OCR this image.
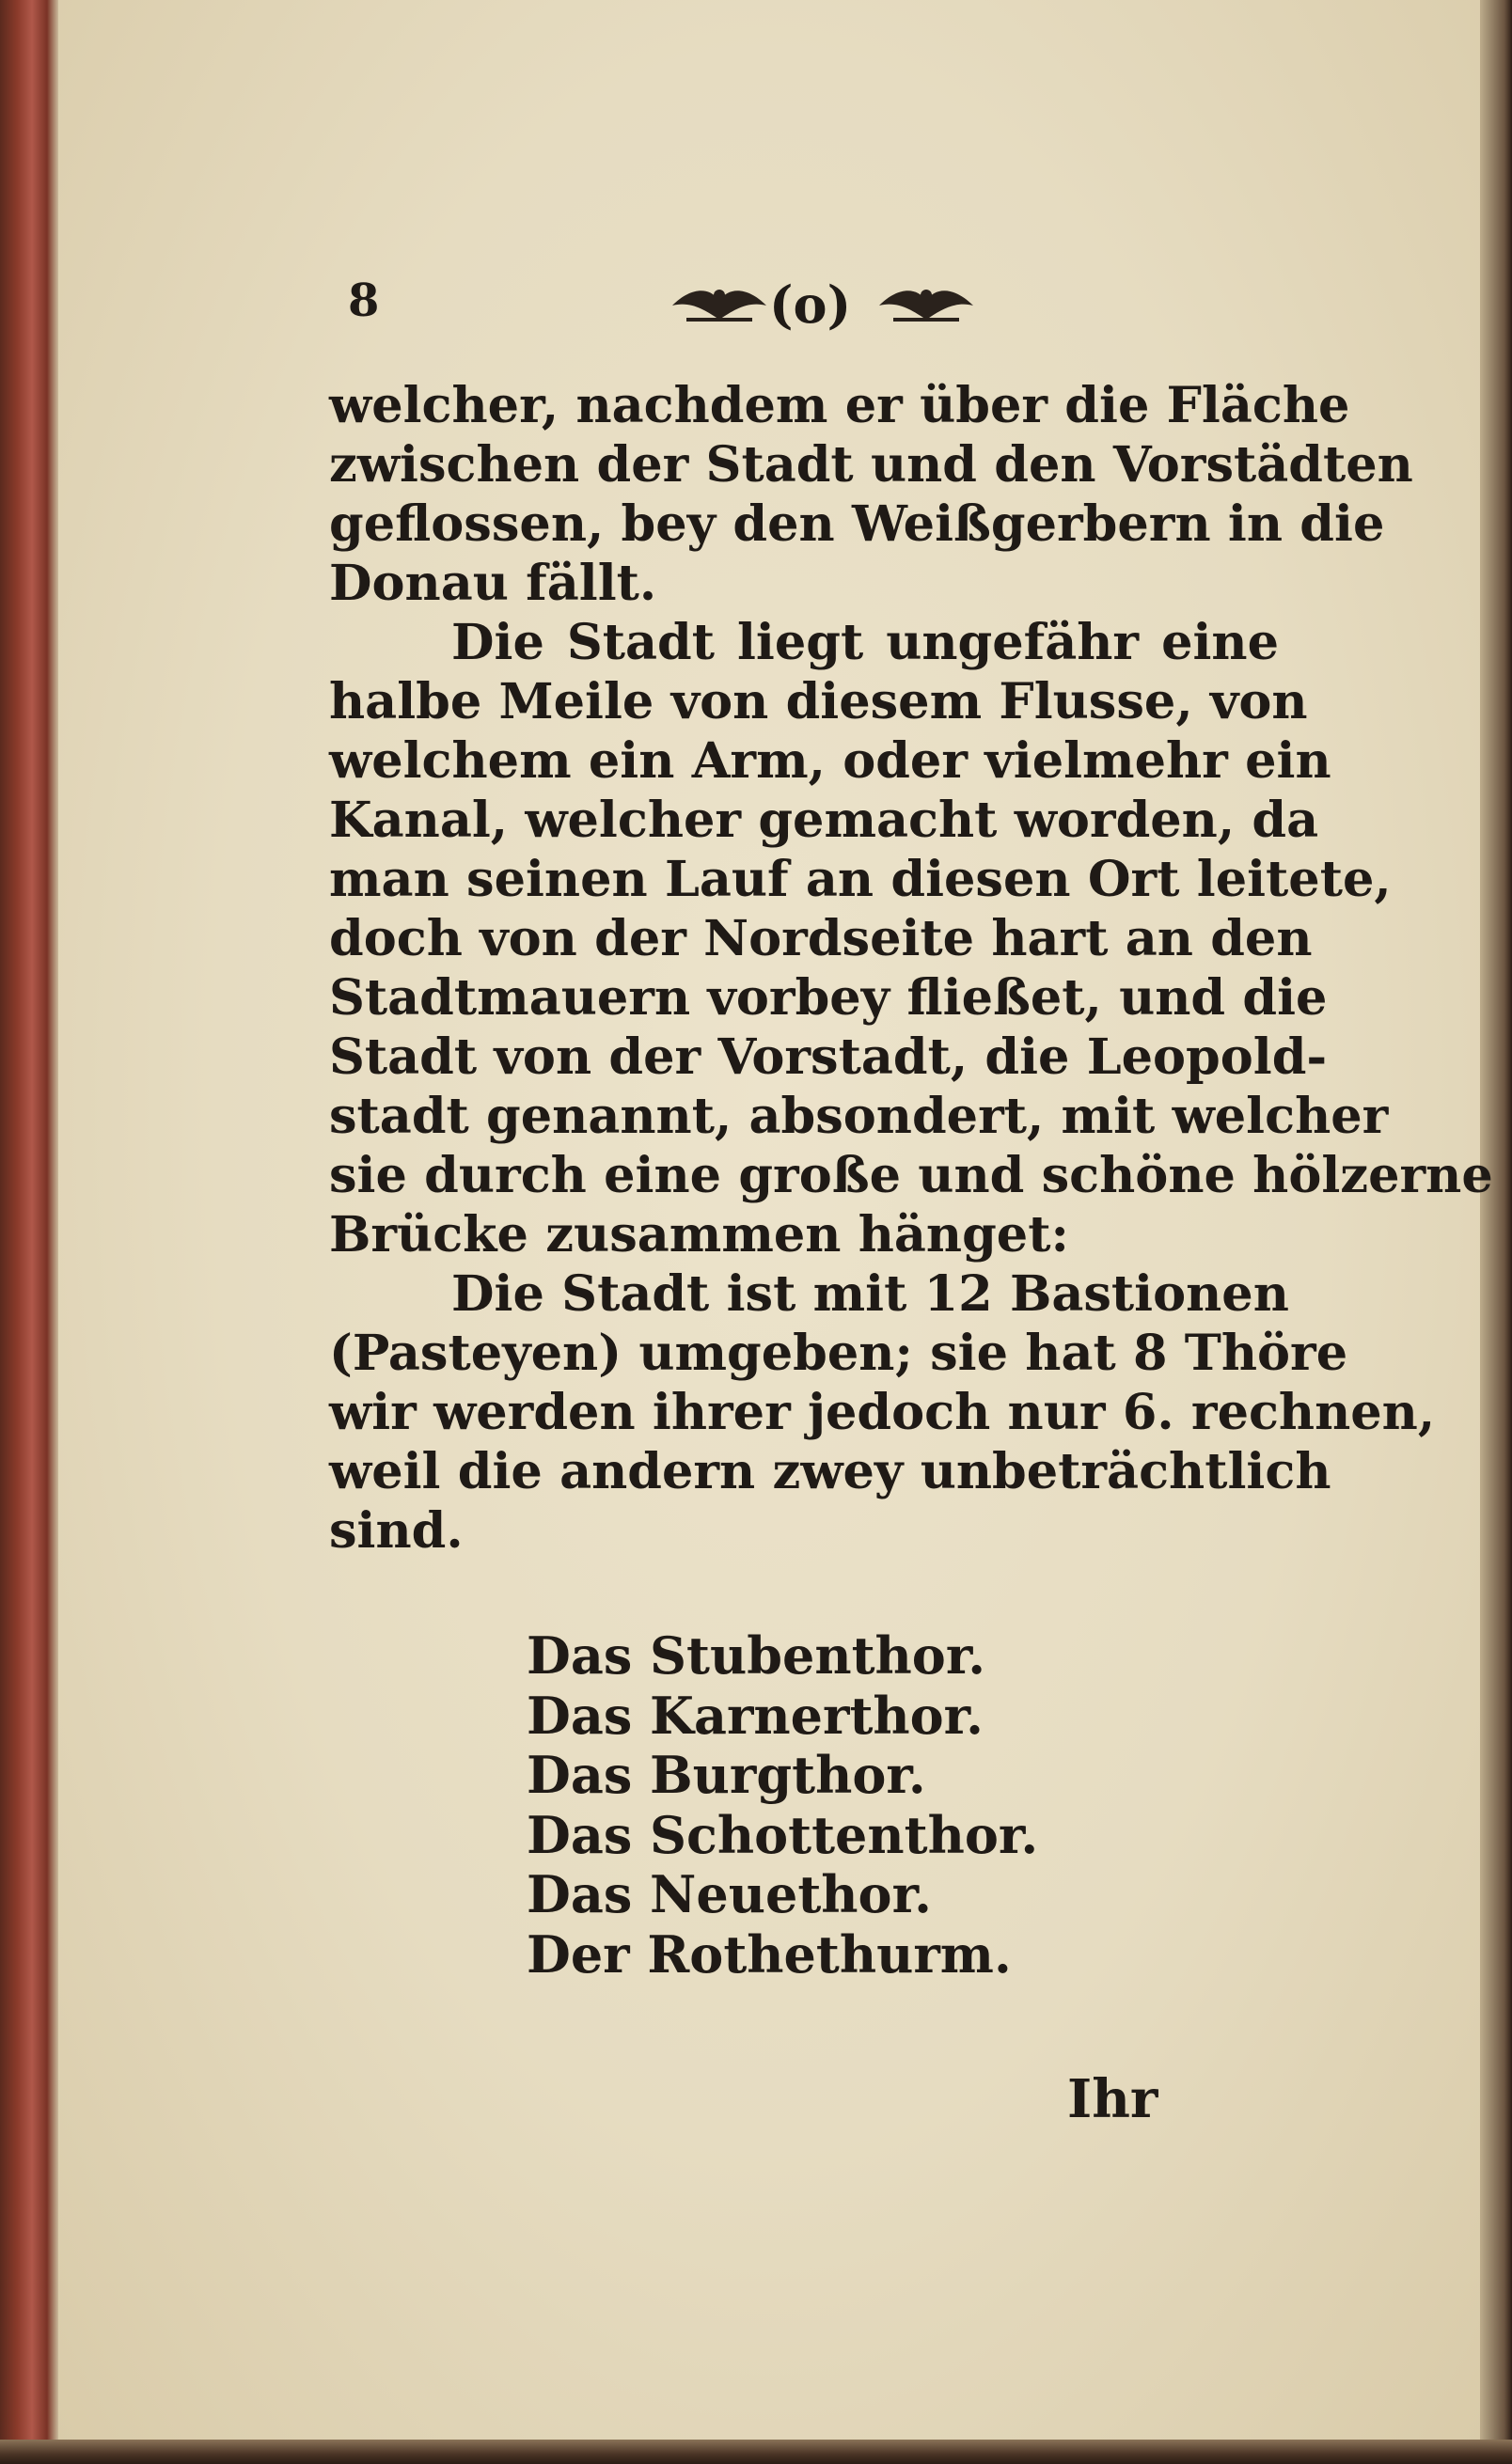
8	(o)
welcher, nachdem er über die Fläche
zwischen der Stadt und den Vorstädten
geflossen, bey den Weißgerbern in die
Donau fällt.
Die Stadt liegt ungefähr eine
halbe Meile von diesem Flusse, von
welchem ein Arm, oder vielmehr ein
Kanal, welcher gemacht worden, da
man seinen Lauf an diesen Ort leitete,
doch von der Nordseite hart an den
Stadtmauern vorbey fließet, und die
Stadt von der Vorstadt, die Leopold-
stadt genannt, absondert, mit welcher
sie durch eine große und schöne hölzerne
Brücke zusammen hänget:
Die Stadt ist mit 12 Bastionen
(Pasteyen) umgeben; sie hat 8 Thöre
wir werden ihrer jedoch nur 6. rechnen,
weil die andern zwey unbeträchtlich
sind.
Das Stubenthor.
Das Karnerthor.
Das Burgthor.
Das Schottenthor.
Das Neuethor.
Der Rothethurm.
Ihr
